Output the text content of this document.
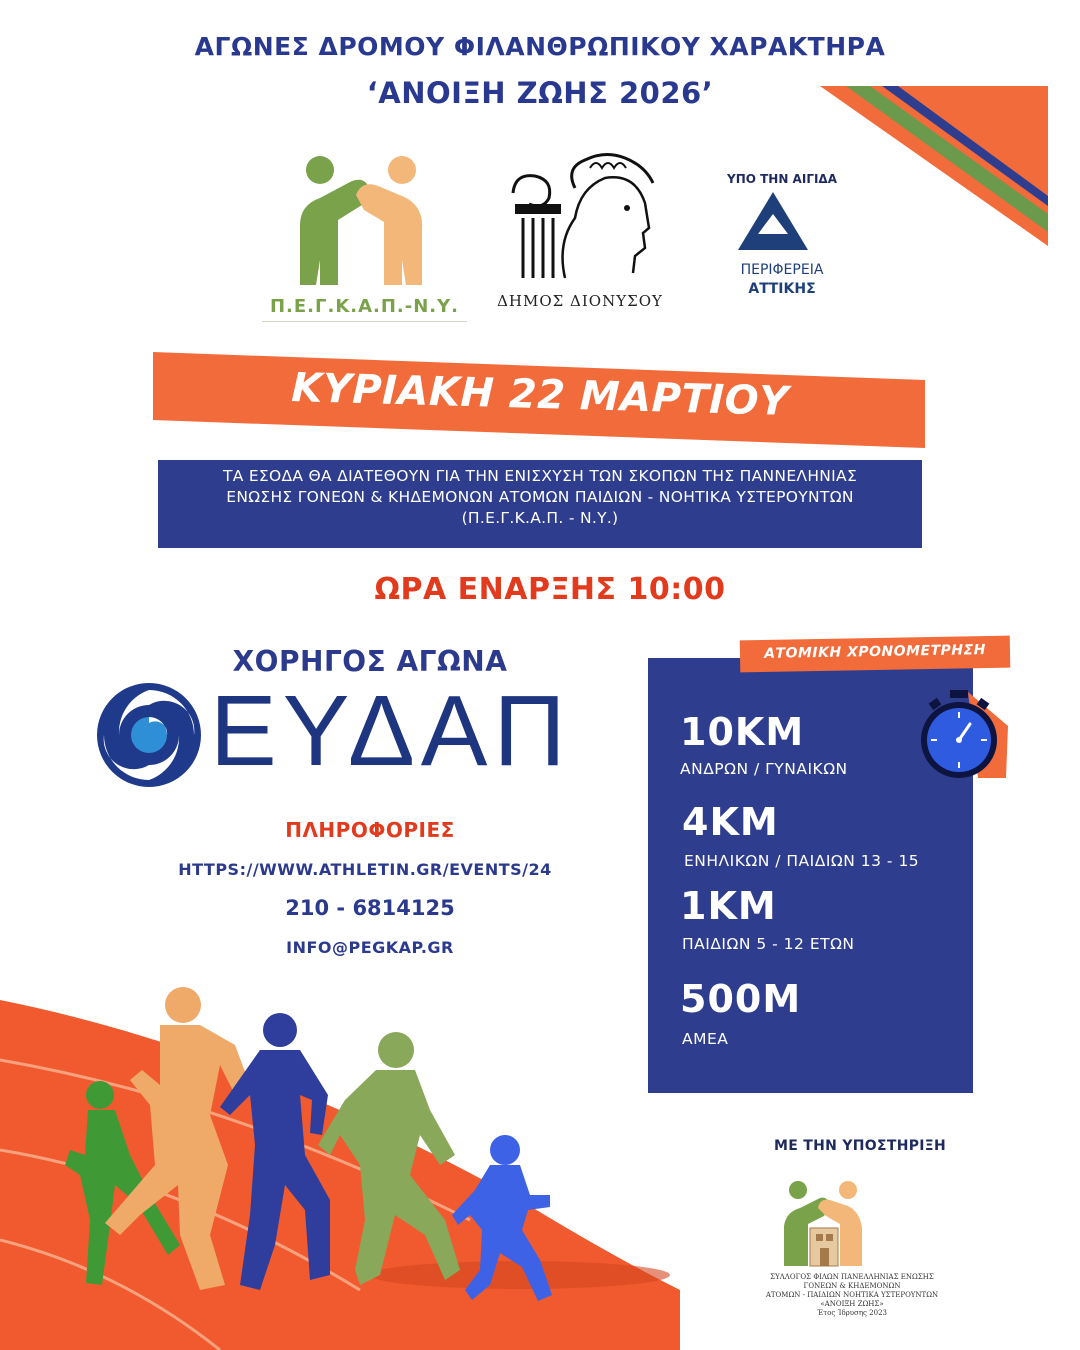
ΑΓΩΝΕΣ ΔΡΟΜΟΥ ΦΙΛΑΝΘΡΩΠΙΚΟΥ ΧΑΡΑΚΤΗΡΑ
‘ΑΝΟΙΞΗ ΖΩΗΣ 2026’
Π.Ε.Γ.Κ.Α.Π.-Ν.Υ.	ΔΗΜΟΣ ΔΙΟΝΥΣΟΥ
ΥΠΟ ΤΗΝ ΑΙΓΙΔΑ
ΠΕΡΙΦΕΡΕΙΑ
ΑΤΤΙΚΗΣ
ΚΥΡΙΑΚΗ 22 ΜΑΡΤΙΟΥ
ΤΑ ΕΣΟΔΑ ΘΑ ΔΙΑΤΕΘΟΥΝ ΓΙΑ ΤΗΝ ΕΝΙΣΧΥΣΗ ΤΩΝ ΣΚΟΠΩΝ ΤΗΣ ΠΑΝΝΕΛΗΝΙΑΣ
ΕΝΩΣΗΣ ΓΟΝΕΩΝ & ΚΗΔΕΜΟΝΩΝ ΑΤΟΜΩΝ ΠΑΙΔΙΩΝ - ΝΟΗΤΙΚΑ ΥΣΤΕΡΟΥΝΤΩΝ
(Π.Ε.Γ.Κ.Α.Π. - Ν.Υ.)
ΩΡΑ ΕΝΑΡΞΗΣ 10:00
ΧΟΡΗΓΟΣ ΑΓΩΝΑ
ΕΥΔΑΠ
ΠΛΗΡΟΦΟΡΙΕΣ
HTTPS://WWW.ATHLETIN.GR/EVENTS/24
210 - 6814125
INFO@PEGKAP.GR
ΑΤΟΜΙΚΗ ΧΡΟΝΟΜΕΤΡΗΣΗ
10KM
ΑΝΔΡΩΝ / ΓΥΝΑΙΚΩΝ
4KM
ΕΝΗΛΙΚΩΝ / ΠΑΙΔΙΩΝ 13 - 15
1KM
ΠΑΙΔΙΩΝ 5 - 12 ΕΤΩΝ
500M
ΑΜΕΑ
ΜΕ ΤΗΝ ΥΠΟΣΤΗΡΙΞΗ
ΣΥΛΛΟΓΟΣ ΦΙΛΩΝ ΠΑΝΕΛΛΗΝΙΑΣ ΕΝΩΣΗΣ
ΓΟΝΕΩΝ & ΚΗΔΕΜΟΝΩΝ
ΑΤΟΜΩΝ - ΠΑΙΔΙΩΝ ΝΟΗΤΙΚΑ ΥΣΤΕΡΟΥΝΤΩΝ
«ΑΝΟΙΞΗ ΖΩΗΣ»
Έτος Ίδρυσης 2023
